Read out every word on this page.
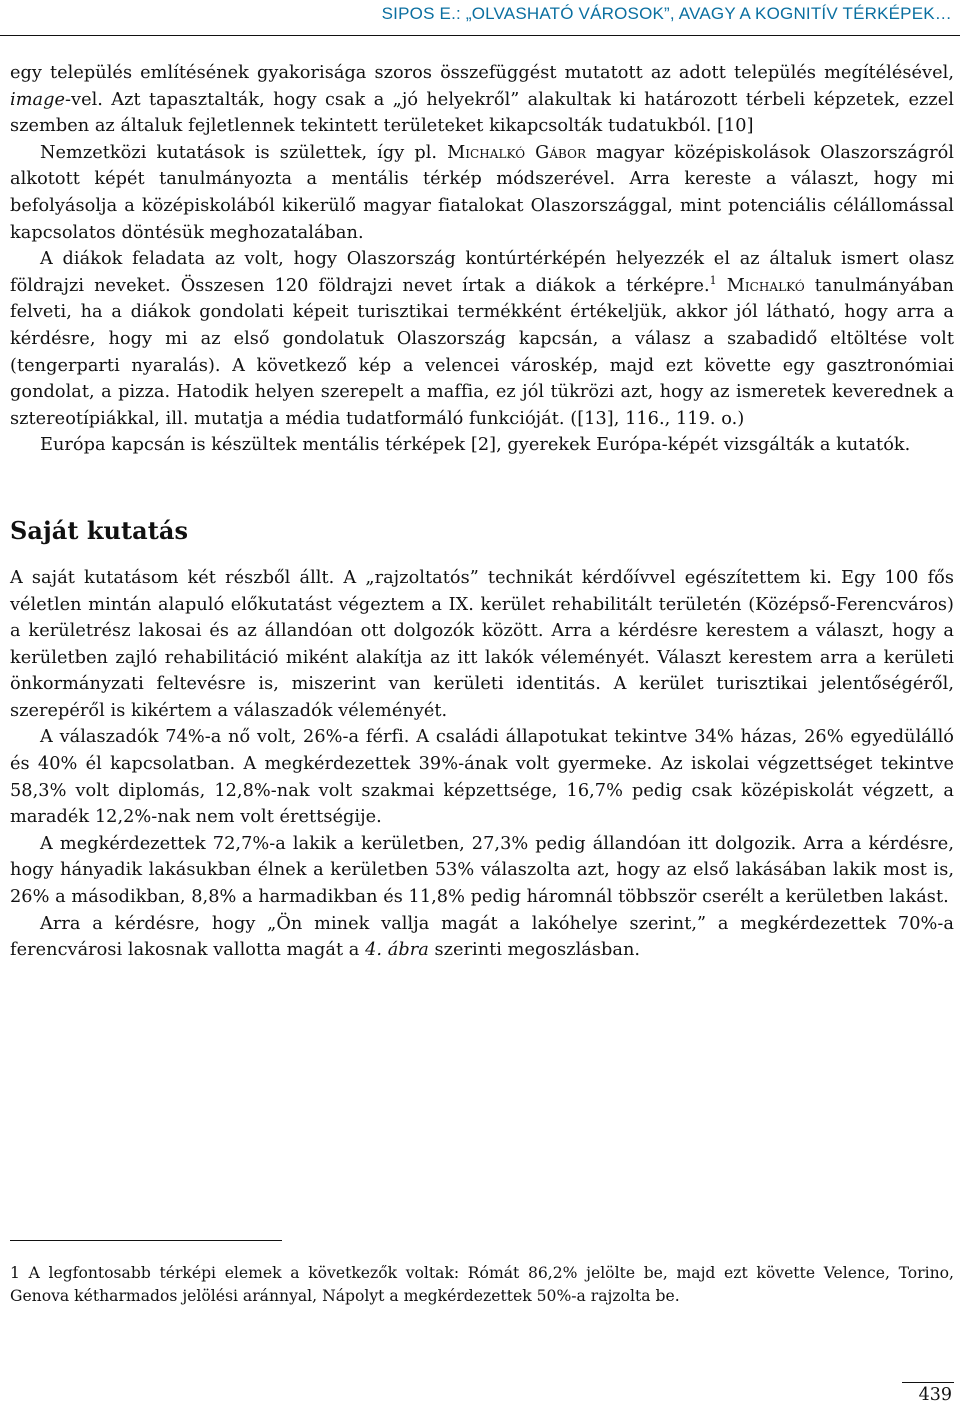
SIPOS E.: „OLVASHATÓ VÁROSOK”, AVAGY A KOGNITÍV TÉRKÉPEK…

egy település említésének gyakorisága szoros összefüggést mutatott az adott település megítélésével, image-vel. Azt tapasztalták, hogy csak a „jó helyekről” alakultak ki határozott térbeli képzetek, ezzel szemben az általuk fejletlennek tekintett területeket kikapcsolták tudatukból. [10]

Nemzetközi kutatások is születtek, így pl. Michalkó Gábor magyar középiskolások Olaszországról alkotott képét tanulmányozta a mentális térkép módszerével. Arra kereste a választ, hogy mi befolyásolja a középiskolából kikerülő magyar fiatalokat Olaszországgal, mint potenciális célállomással kapcsolatos döntésük meghozatalában.

A diákok feladata az volt, hogy Olaszország kontúrtérképén helyezzék el az általuk ismert olasz földrajzi neveket. Összesen 120 földrajzi nevet írtak a diákok a térképre.$^1$ Michalkó tanulmányában felveti, ha a diákok gondolati képeit turisztikai termékként értékeljük, akkor jól látható, hogy arra a kérdésre, hogy mi az első gondolatuk Olaszország kapcsán, a válasz a szabadidő eltöltése volt (tengerparti nyaralás). A következő kép a velencei városkép, majd ezt követte egy gasztronómiai gondolat, a pizza. Hatodik helyen szerepelt a maffia, ez jól tükrözi azt, hogy az ismeretek keverednek a sztereotípiákkal, ill. mutatja a média tudatformáló funkcióját. ([13], 116., 119. o.)

Európa kapcsán is készültek mentális térképek [2], gyerekek Európa-képét vizsgálták a kutatók.

Saját kutatás

A saját kutatásom két részből állt. A „rajzoltatós” technikát kérdőívvel egészítettem ki. Egy 100 fős véletlen mintán alapuló előkutatást végeztem a IX. kerület rehabilitált területén (Középső-Ferencváros) a kerületrész lakosai és az állandóan ott dolgozók között. Arra a kérdésre kerestem a választ, hogy a kerületben zajló rehabilitáció miként alakítja az itt lakók véleményét. Választ kerestem arra a kerületi önkormányzati feltevésre is, miszerint van kerületi identitás. A kerület turisztikai jelentőségéről, szerepéről is kikértem a válaszadók véleményét.

A válaszadók 74%-a nő volt, 26%-a férfi. A családi állapotukat tekintve 34% házas, 26% egyedülálló és 40% él kapcsolatban. A megkérdezettek 39%-ának volt gyermeke. Az iskolai végzettséget tekintve 58,3% volt diplomás, 12,8%-nak volt szakmai képzettsége, 16,7% pedig csak középiskolát végzett, a maradék 12,2%-nak nem volt érettségije.

A megkérdezettek 72,7%-a lakik a kerületben, 27,3% pedig állandóan itt dolgozik. Arra a kérdésre, hogy hányadik lakásukban élnek a kerületben 53% válaszolta azt, hogy az első lakásában lakik most is, 26% a másodikban, 8,8% a harmadikban és 11,8% pedig háromnál többször cserélt a kerületben lakást.

Arra a kérdésre, hogy „Ön minek vallja magát a lakóhelye szerint,” a megkérdezettek 70%-a ferencvárosi lakosnak vallotta magát a 4. ábra szerinti megoszlásban.

1 A legfontosabb térképi elemek a következők voltak: Rómát 86,2% jelölte be, majd ezt követte Velence, Torino, Genova kétharmados jelölési aránnyal, Nápolyt a megkérdezettek 50%-a rajzolta be.
439
